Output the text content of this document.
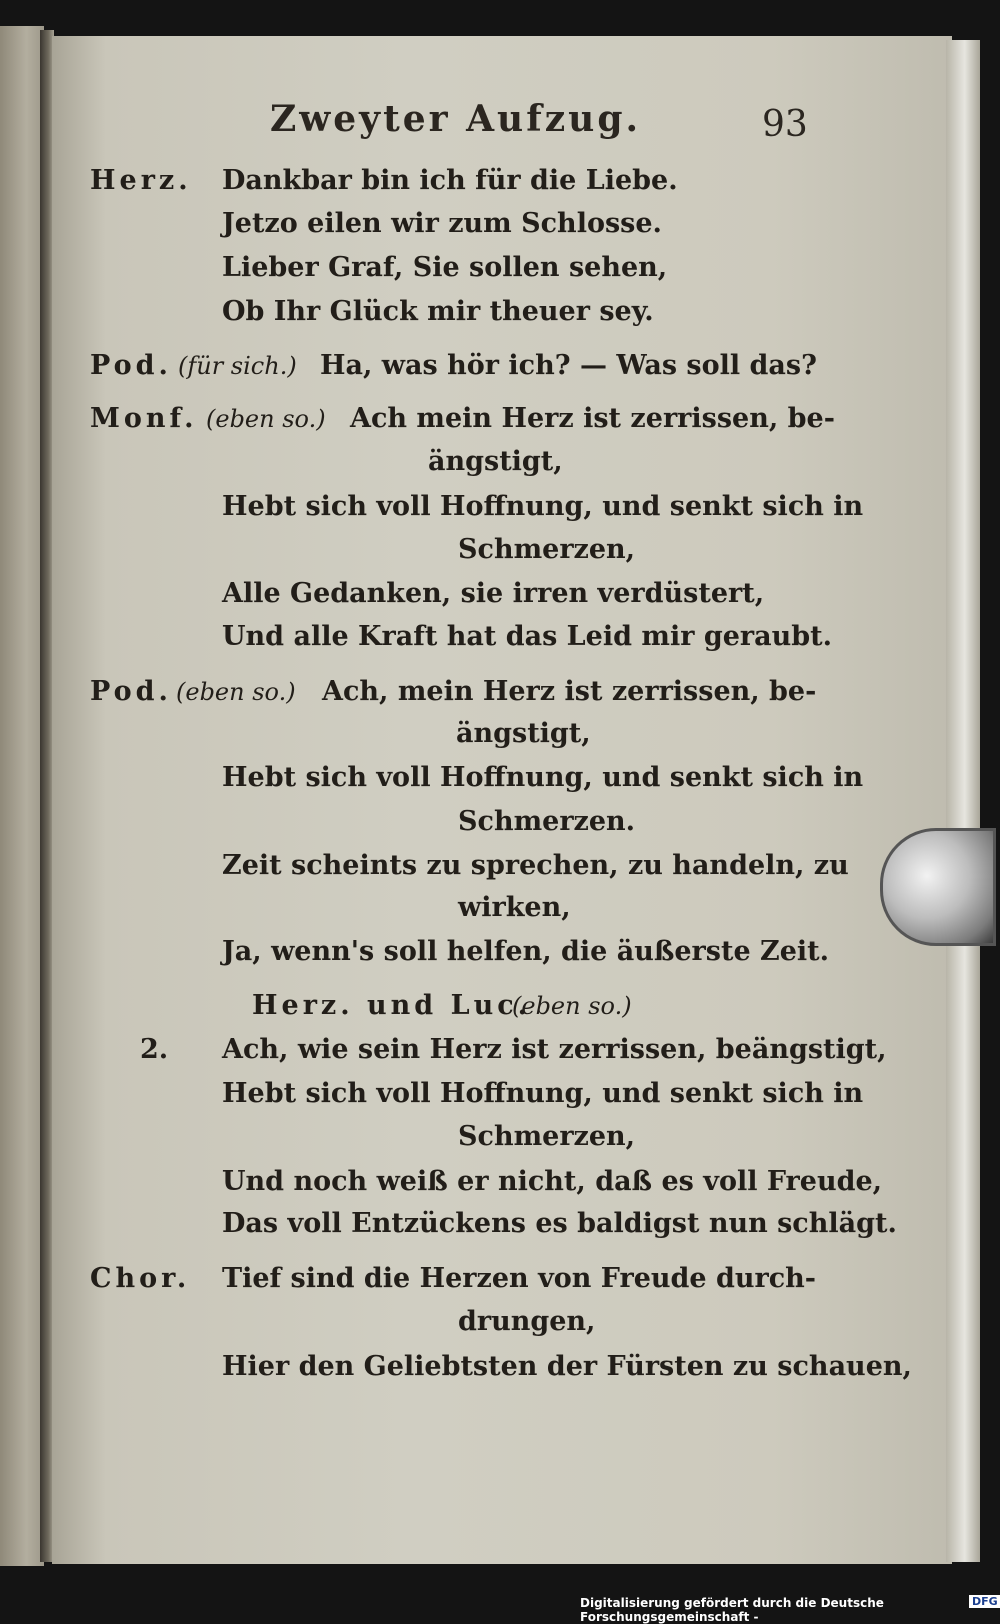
Zweyter Aufzug.	93
Herz. Dankbar bin ich für die Liebe.
Jetzo eilen wir zum Schlosse.
Lieber Graf, Sie sollen sehen,
Ob Ihr Glück mir theuer sey.
Pod. (für sich.) Ha, was hör ich? — Was soll das?
Monf. (eben so.) Ach mein Herz ist zerrissen, be-
ängstigt,
Hebt sich voll Hoffnung, und senkt sich in
Schmerzen,
Alle Gedanken, sie irren verdüstert,
Und alle Kraft hat das Leid mir geraubt.
Pod. (eben so.) Ach, mein Herz ist zerrissen, be-
ängstigt,
Hebt sich voll Hoffnung, und senkt sich in
Schmerzen.
Zeit scheints zu sprechen, zu handeln, zu
wirken,
Ja, wenn's soll helfen, die äußerste Zeit.
Herz. und Luc.
(eben so.)
2. Ach, wie sein Herz ist zerrissen, beängstigt,
Hebt sich voll Hoffnung, und senkt sich in
Schmerzen,
Und noch weiß er nicht, daß es voll Freude,
Das voll Entzückens es baldigst nun schlägt.
Chor. Tief sind die Herzen von Freude durch-
drungen,
Hier den Geliebtsten der Fürsten zu schauen,
Digitalisierung gefördert durch die Deutsche Forschungsgemeinschaft -
DFG
